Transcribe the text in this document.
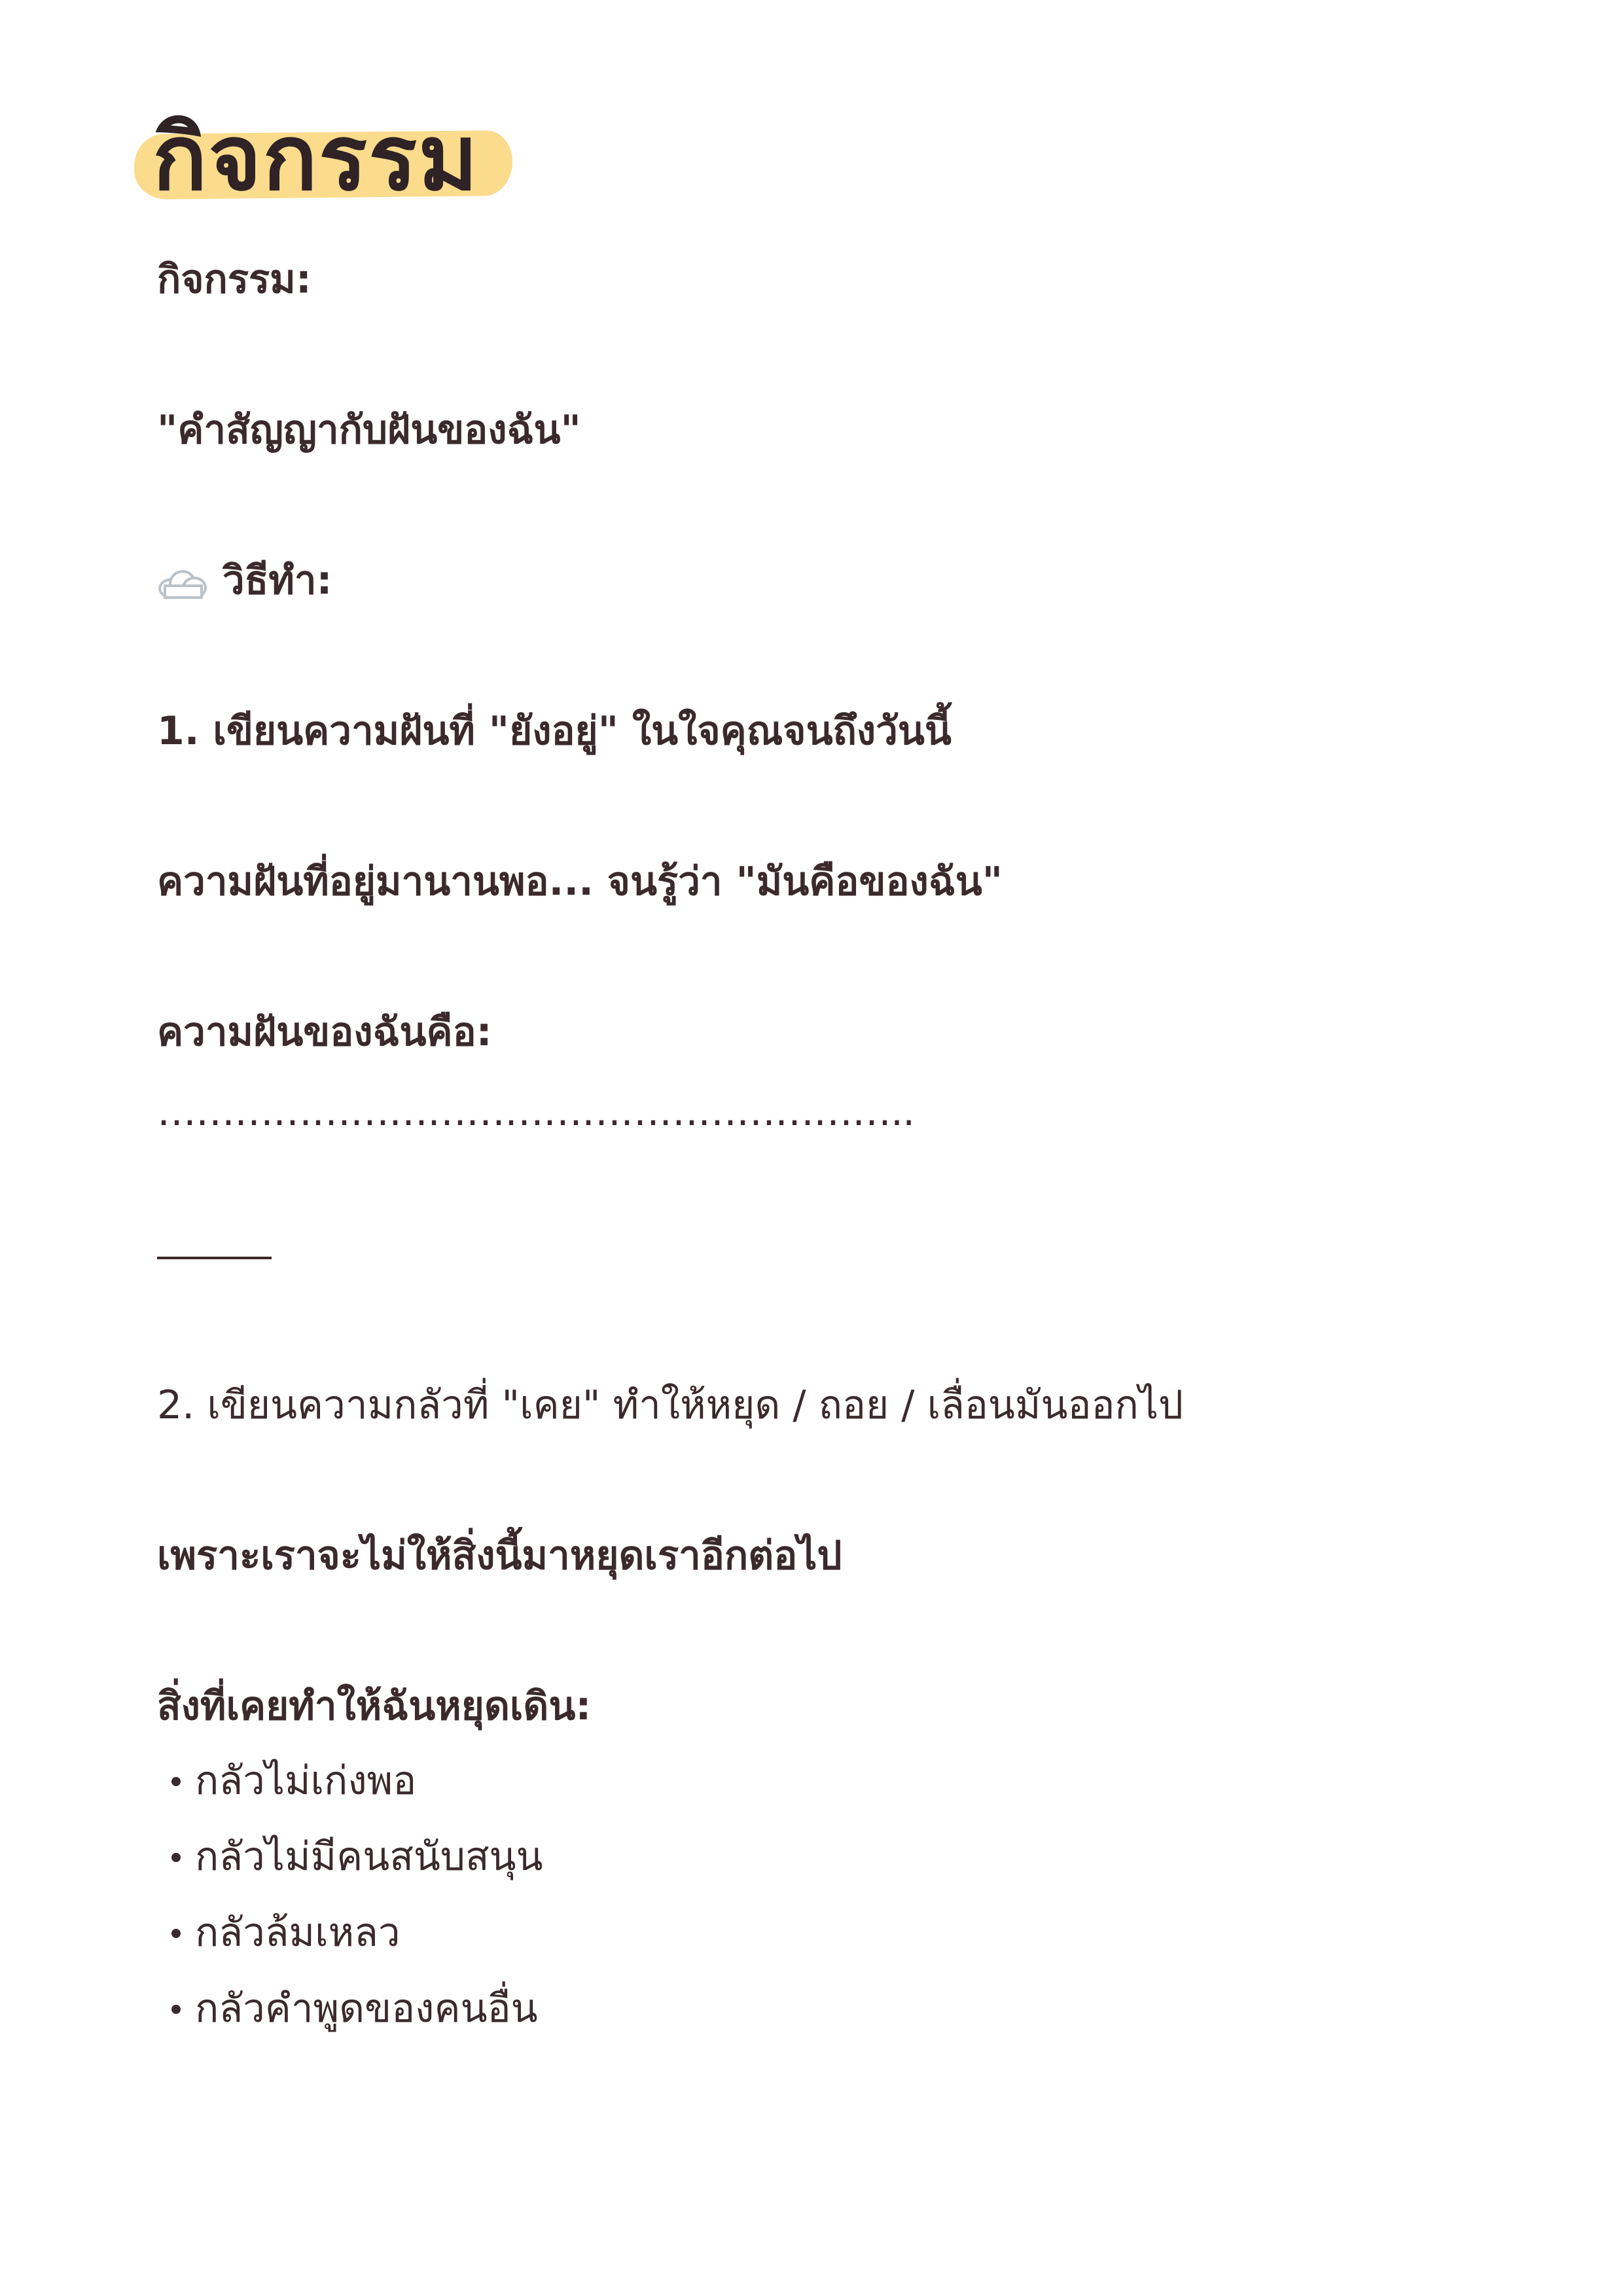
กิจกรรม

กิจกรรม:

"คำสัญญากับฝันของฉัน"

วิธีทำ:

1. เขียนความฝันที่ "ยังอยู่" ในใจคุณจนถึงวันนี้

ความฝันที่อยู่มานานพอ... จนรู้ว่า "มันคือของฉัน"

ความฝันของฉันคือ:

…………………………………………………..

2. เขียนความกลัวที่ "เคย" ทำให้หยุด / ถอย / เลื่อนมันออกไป

เพราะเราจะไม่ให้สิ่งนี้มาหยุดเราอีกต่อไป

สิ่งที่เคยทำให้ฉันหยุดเดิน:

กลัวไม่เก่งพอ

กลัวไม่มีคนสนับสนุน

กลัวล้มเหลว

กลัวคำพูดของคนอื่น
